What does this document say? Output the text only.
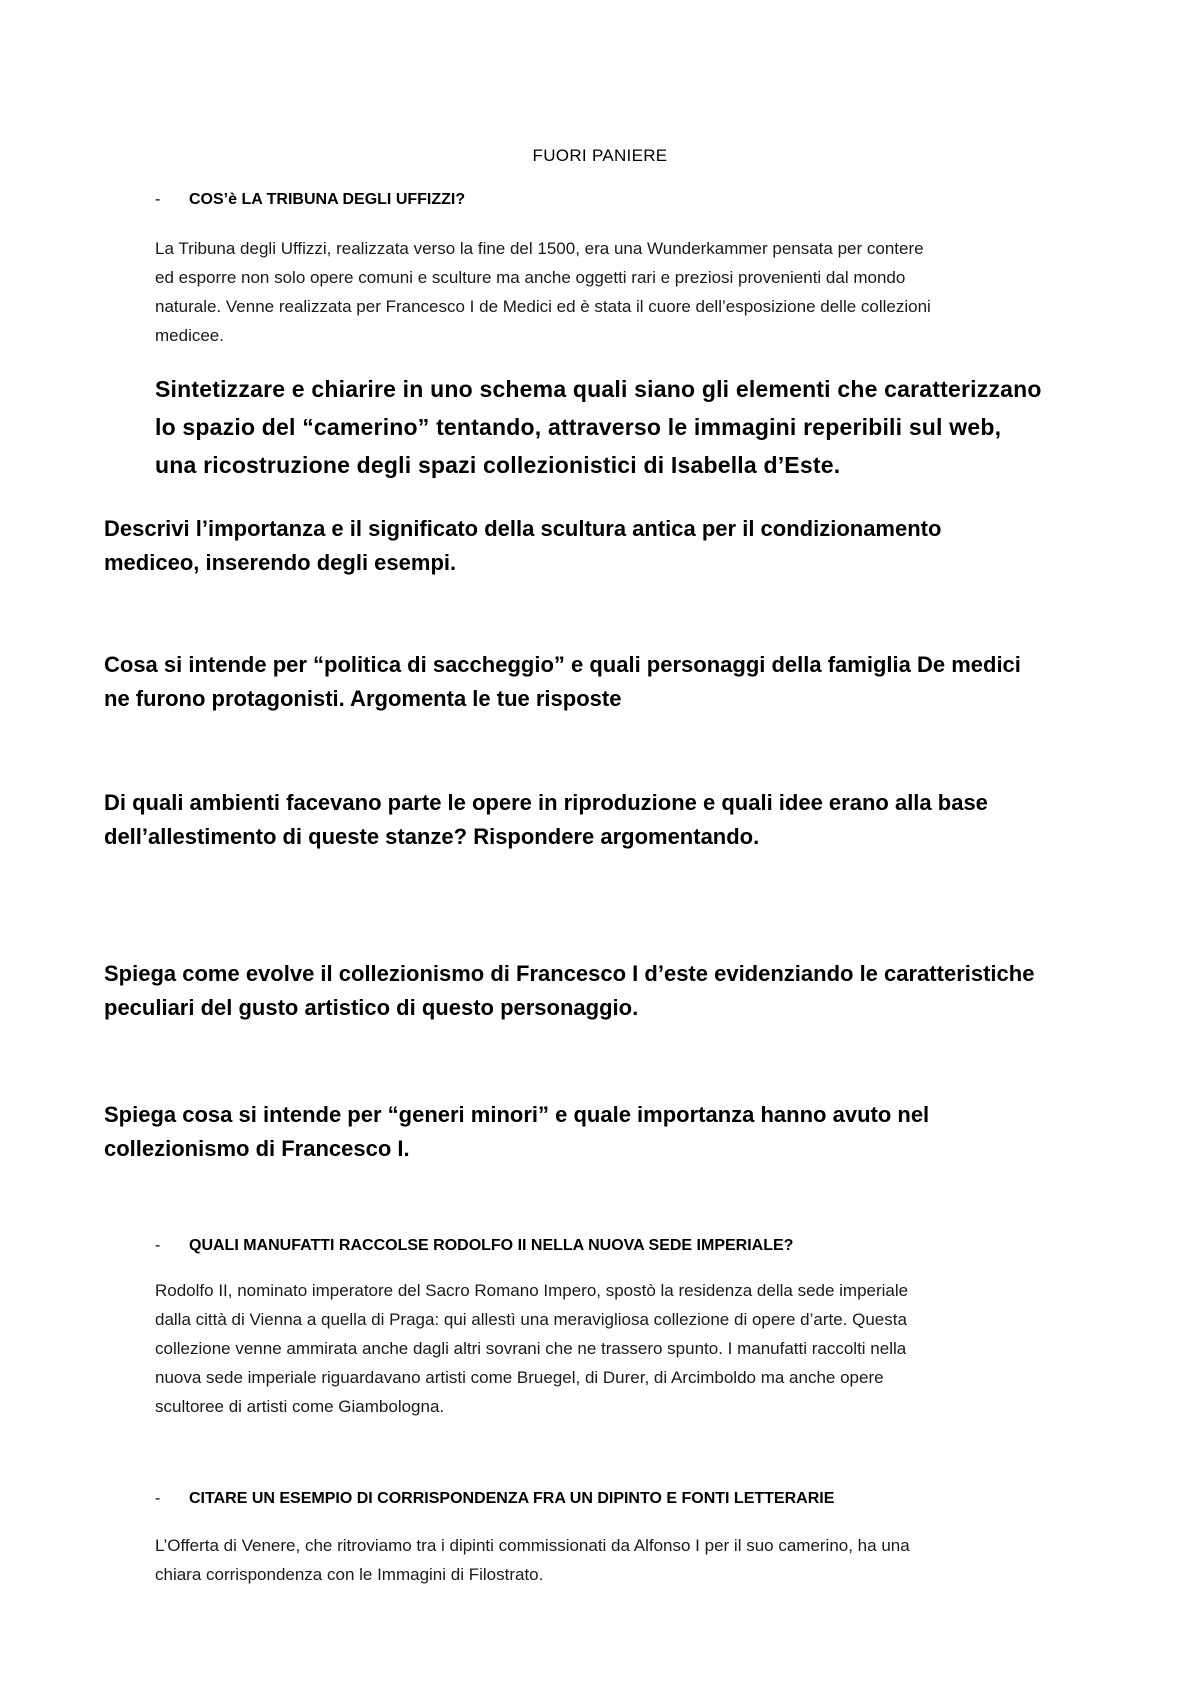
FUORI PANIERE
- COS’è LA TRIBUNA DEGLI UFFIZZI?
La Tribuna degli Uffizzi, realizzata verso la fine del 1500, era una Wunderkammer pensata per contere
ed esporre non solo opere comuni e sculture ma anche oggetti rari e preziosi provenienti dal mondo
naturale. Venne realizzata per Francesco I de Medici ed è stata il cuore dell’esposizione delle collezioni
medicee.
Sintetizzare e chiarire in uno schema quali siano gli elementi che caratterizzano
lo spazio del “camerino” tentando, attraverso le immagini reperibili sul web,
una ricostruzione degli spazi collezionistici di Isabella d’Este.
Descrivi l’importanza e il significato della scultura antica per il condizionamento
mediceo, inserendo degli esempi.
Cosa si intende per “politica di saccheggio” e quali personaggi della famiglia De medici
ne furono protagonisti. Argomenta le tue risposte
Di quali ambienti facevano parte le opere in riproduzione e quali idee erano alla base
dell’allestimento di queste stanze? Rispondere argomentando.
Spiega come evolve il collezionismo di Francesco I d’este evidenziando le caratteristiche
peculiari del gusto artistico di questo personaggio.
Spiega cosa si intende per “generi minori” e quale importanza hanno avuto nel
collezionismo di Francesco I.
- QUALI MANUFATTI RACCOLSE RODOLFO II NELLA NUOVA SEDE IMPERIALE?
Rodolfo II, nominato imperatore del Sacro Romano Impero, spostò la residenza della sede imperiale
dalla città di Vienna a quella di Praga: qui allestì una meravigliosa collezione di opere d’arte. Questa
collezione venne ammirata anche dagli altri sovrani che ne trassero spunto. I manufatti raccolti nella
nuova sede imperiale riguardavano artisti come Bruegel, di Durer, di Arcimboldo ma anche opere
scultoree di artisti come Giambologna.
- CITARE UN ESEMPIO DI CORRISPONDENZA FRA UN DIPINTO E FONTI LETTERARIE
L’Offerta di Venere, che ritroviamo tra i dipinti commissionati da Alfonso I per il suo camerino, ha una
chiara corrispondenza con le Immagini di Filostrato.
